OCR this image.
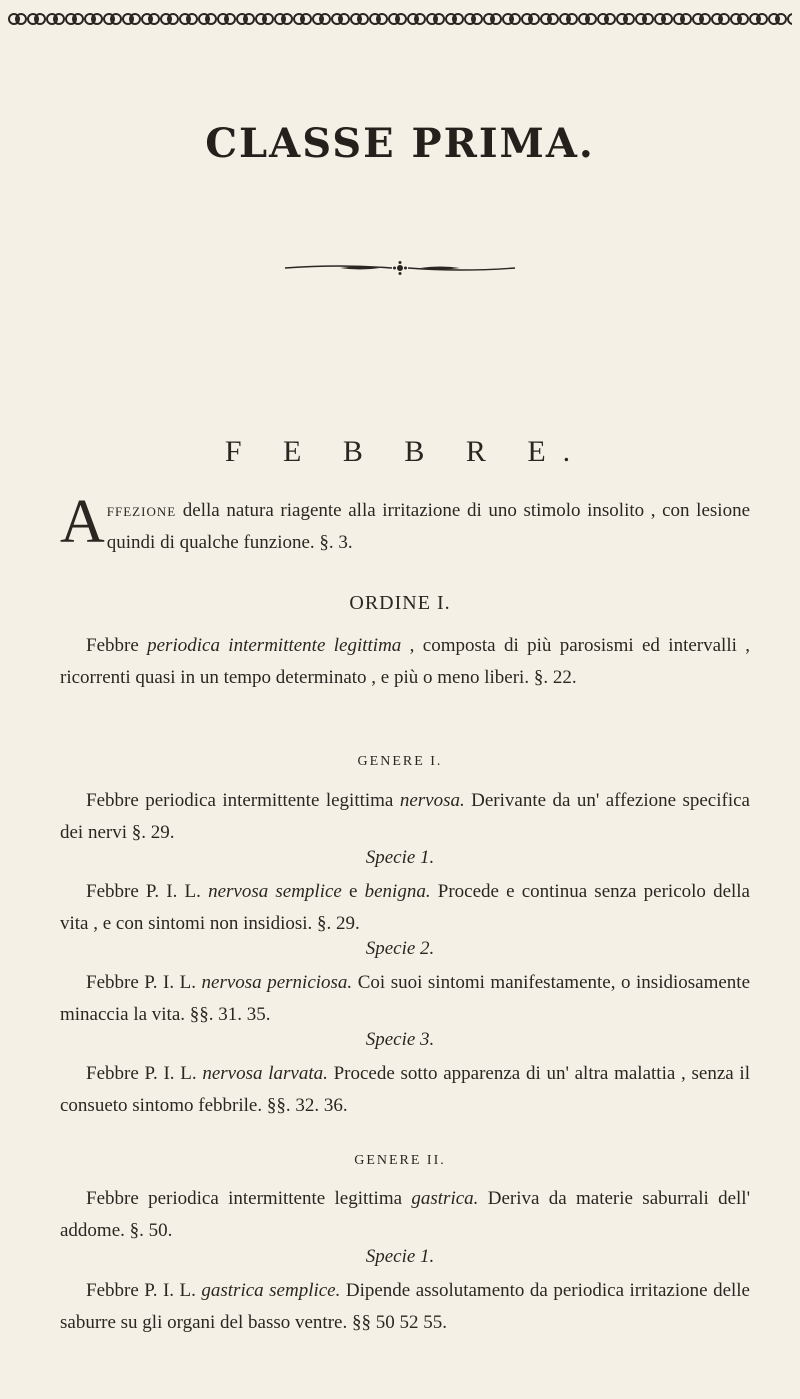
CLASSE PRIMA.
F E B B R E.
Affezione della natura riagente alla irritazione di uno stimolo insolito , con lesione quindi di qualche funzione. §. 3.
ORDINE I.
Febbre periodica intermittente legittima , composta di più parosismi ed intervalli , ricorrenti quasi in un tempo determinato , e più o meno liberi. §. 22.
GENERE I.
Febbre periodica intermittente legittima nervosa. Derivante da un' affezione specifica dei nervi §. 29.
Specie 1.
Febbre P. I. L. nervosa semplice e benigna. Procede e continua senza pericolo della vita , e con sintomi non insidiosi. §. 29.
Specie 2.
Febbre P. I. L. nervosa perniciosa. Coi suoi sintomi manifestamente, o insidiosamente minaccia la vita. §§. 31. 35.
Specie 3.
Febbre P. I. L. nervosa larvata. Procede sotto apparenza di un' altra malattia , senza il consueto sintomo febbrile. §§. 32. 36.
GENERE II.
Febbre periodica intermittente legittima gastrica. Deriva da materie saburrali dell' addome. §. 50.
Specie 1.
Febbre P. I. L. gastrica semplice. Dipende assolutamento da periodica irritazione delle saburre su gli organi del basso ventre. §§ 50 52 55.
